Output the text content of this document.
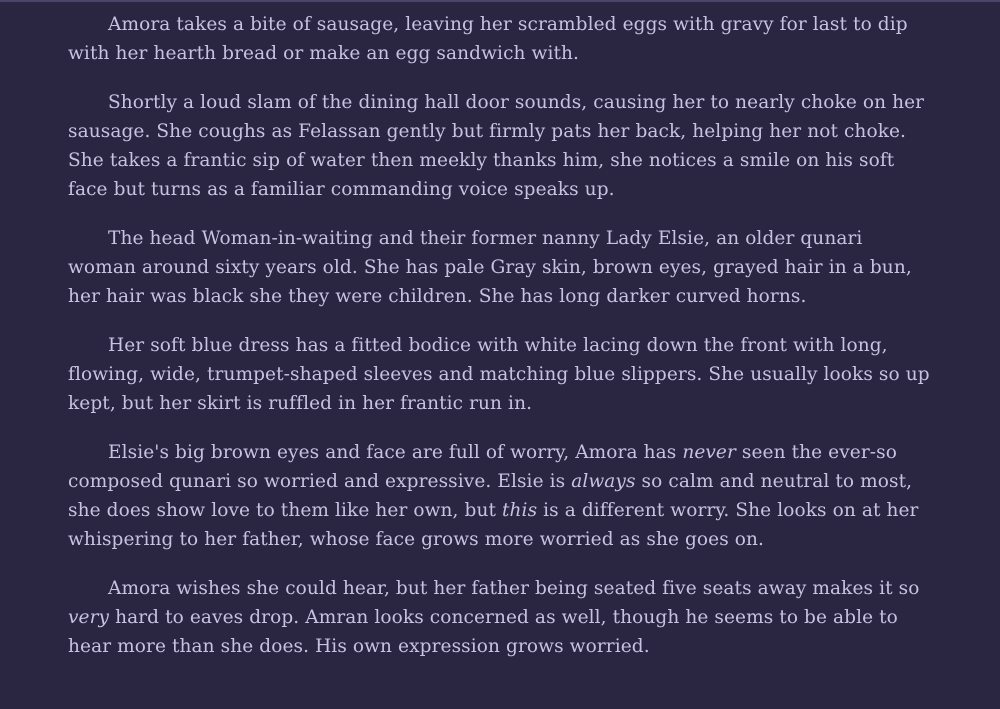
Amora takes a bite of sausage, leaving her scrambled eggs with gravy for last to dip with her hearth bread or make an egg sandwich with.

Shortly a loud slam of the dining hall door sounds, causing her to nearly choke on her sausage. She coughs as Felassan gently but firmly pats her back, helping her not choke. She takes a frantic sip of water then meekly thanks him, she notices a smile on his soft face but turns as a familiar commanding voice speaks up.

The head Woman-in-waiting and their former nanny Lady Elsie, an older qunari woman around sixty years old. She has pale Gray skin, brown eyes, grayed hair in a bun, her hair was black she they were children. She has long darker curved horns.

Her soft blue dress has a fitted bodice with white lacing down the front with long, flowing, wide, trumpet-shaped sleeves and matching blue slippers. She usually looks so up kept, but her skirt is ruffled in her frantic run in.

Elsie's big brown eyes and face are full of worry, Amora has never seen the ever-so composed qunari so worried and expressive. Elsie is always so calm and neutral to most, she does show love to them like her own, but this is a different worry. She looks on at her whispering to her father, whose face grows more worried as she goes on.

Amora wishes she could hear, but her father being seated five seats away makes it so very hard to eaves drop. Amran looks concerned as well, though he seems to be able to hear more than she does. His own expression grows worried.
